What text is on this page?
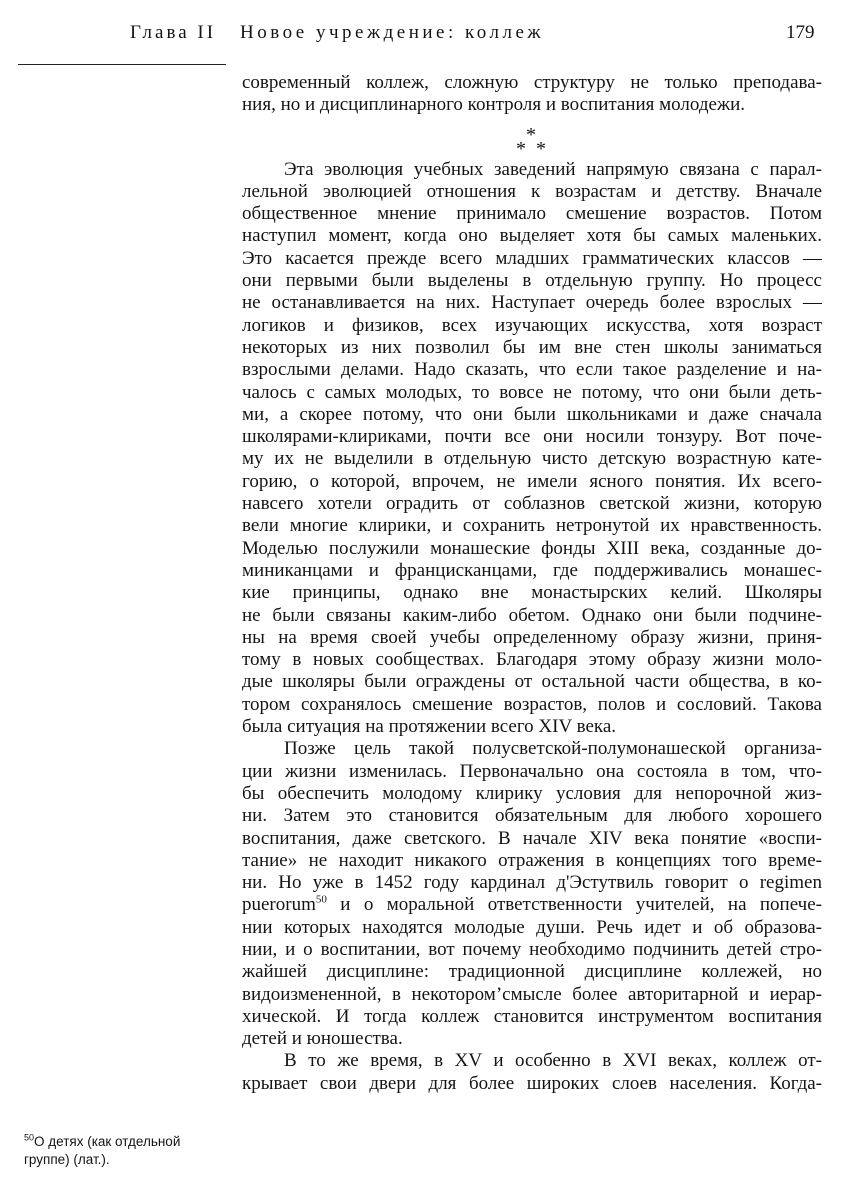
Глава II Новое учреждение: коллеж	179
современный коллеж, сложную структуру не только преподава-
ния, но и дисциплинарного контроля и воспитания молодежи.
*
* *
Эта эволюция учебных заведений напрямую связана с парал-
лельной эволюцией отношения к возрастам и детству. Вначале
общественное мнение принимало смешение возрастов. Потом
наступил момент, когда оно выделяет хотя бы самых маленьких.
Это касается прежде всего младших грамматических классов —
они первыми были выделены в отдельную группу. Но процесс
не останавливается на них. Наступает очередь более взрослых —
логиков и физиков, всех изучающих искусства, хотя возраст
некоторых из них позволил бы им вне стен школы заниматься
взрослыми делами. Надо сказать, что если такое разделение и на-
чалось с самых молодых, то вовсе не потому, что они были деть-
ми, а скорее потому, что они были школьниками и даже сначала
школярами-клириками, почти все они носили тонзуру. Вот поче-
му их не выделили в отдельную чисто детскую возрастную кате-
горию, о которой, впрочем, не имели ясного понятия. Их всего-
навсего хотели оградить от соблазнов светской жизни, которую
вели многие клирики, и сохранить нетронутой их нравственность.
Моделью послужили монашеские фонды XIII века, созданные до-
миниканцами и францисканцами, где поддерживались монашес-
кие принципы, однако вне монастырских келий. Школяры
не были связаны каким-либо обетом. Однако они были подчине-
ны на время своей учебы определенному образу жизни, приня-
тому в новых сообществах. Благодаря этому образу жизни моло-
дые школяры были ограждены от остальной части общества, в ко-
тором сохранялось смешение возрастов, полов и сословий. Такова
была ситуация на протяжении всего XIV века.
Позже цель такой полусветской-полумонашеской организа-
ции жизни изменилась. Первоначально она состояла в том, что-
бы обеспечить молодому клирику условия для непорочной жиз-
ни. Затем это становится обязательным для любого хорошего
воспитания, даже светского. В начале XIV века понятие «воспи-
тание» не находит никакого отражения в концепциях того време-
ни. Но уже в 1452 году кардинал д'Эстутвиль говорит о regimen
puerorum$^{50}$ и о моральной ответственности учителей, на попече-
нии которых находятся молодые души. Речь идет и об образова-
нии, и о воспитании, вот почему необходимо подчинить детей стро-
жайшей дисциплине: традиционной дисциплине коллежей, но
видоизмененной, в некоторомʼсмысле более авторитарной и иерар-
хической. И тогда коллеж становится инструментом воспитания
детей и юношества.
В то же время, в XV и особенно в XVI веках, коллеж от-
крывает свои двери для более широких слоев населения. Когда-
$^{50}$О детях (как отдельной
группе) (лат.).
